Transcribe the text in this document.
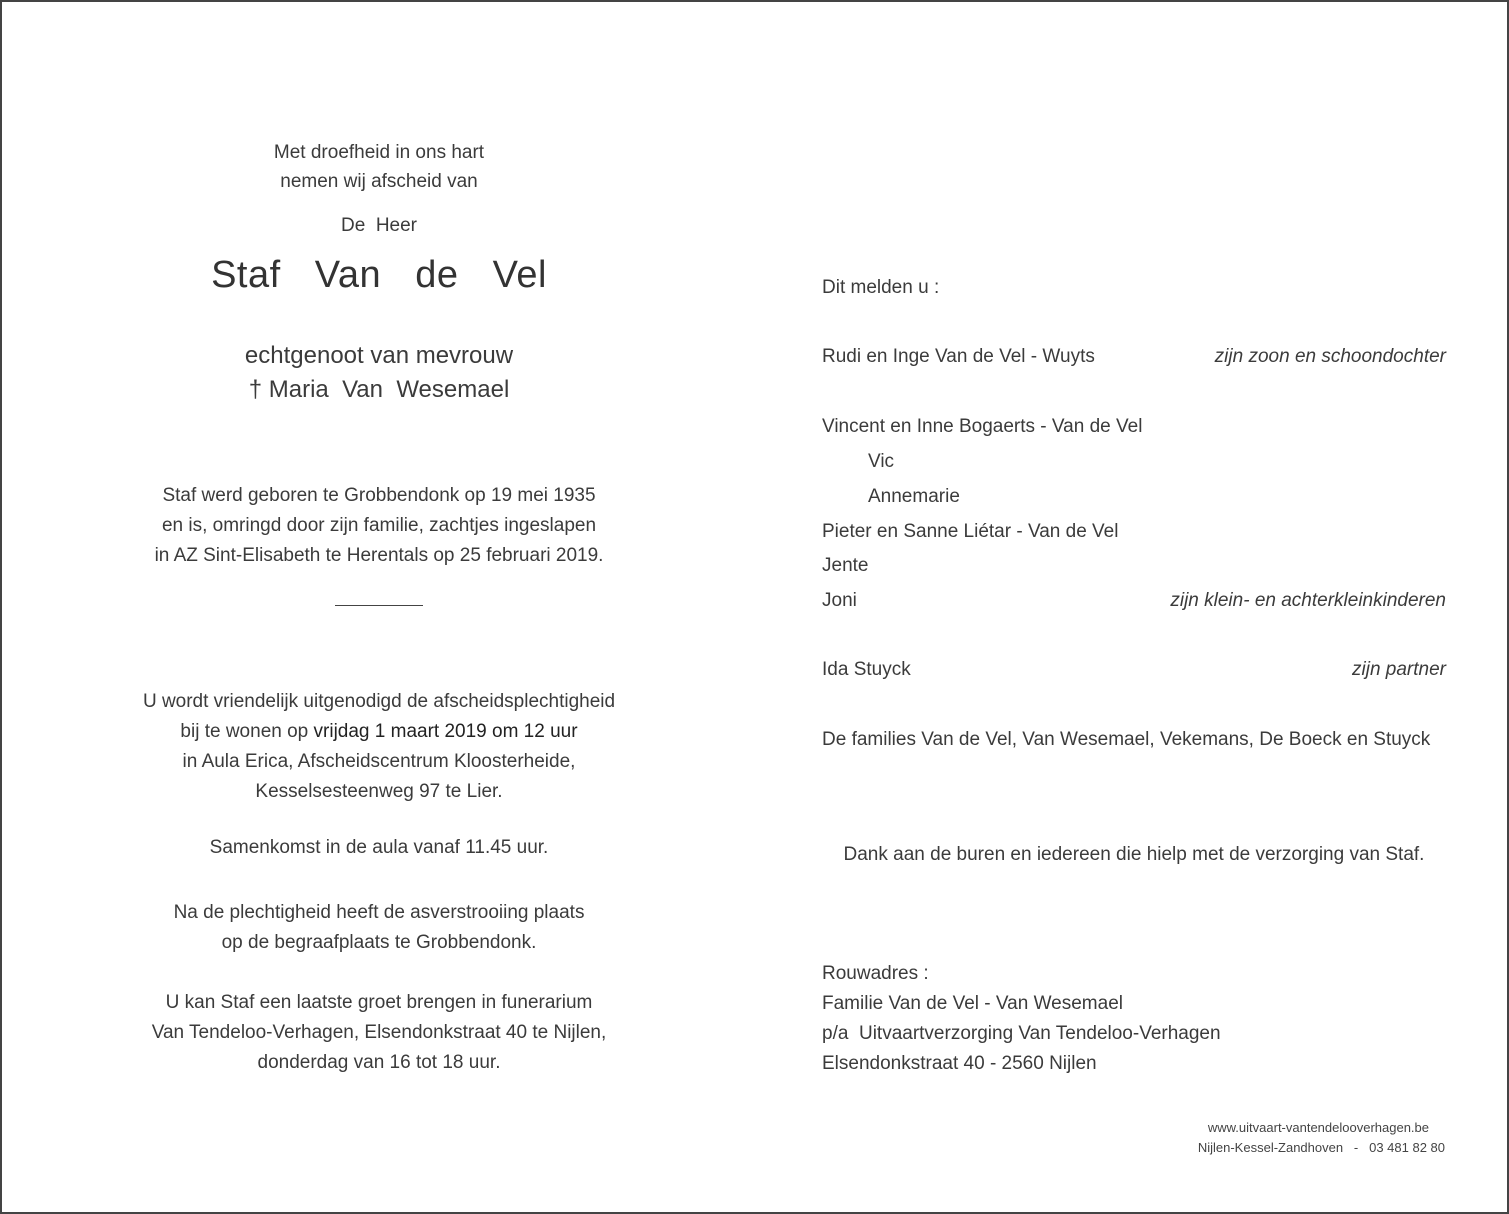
Met droefheid in ons hart
nemen wij afscheid van
De  Heer
Staf  Van  de  Vel
echtgenoot van mevrouw
† Maria  Van  Wesemael
Staf werd geboren te Grobbendonk op 19 mei 1935
en is, omringd door zijn familie, zachtjes ingeslapen
in AZ Sint-Elisabeth te Herentals op 25 februari 2019.
U wordt vriendelijk uitgenodigd de afscheidsplechtigheid
bij te wonen op vrijdag 1 maart 2019 om 12 uur
in Aula Erica, Afscheidscentrum Kloosterheide,
Kesselsesteenweg 97 te Lier.
Samenkomst in de aula vanaf 11.45 uur.
Na de plechtigheid heeft de asverstrooiing plaats
op de begraafplaats te Grobbendonk.
U kan Staf een laatste groet brengen in funerarium
Van Tendeloo-Verhagen, Elsendonkstraat 40 te Nijlen,
donderdag van 16 tot 18 uur.
Dit melden u :
Rudi en Inge Van de Vel - Wuyts	zijn zoon en schoondochter
Vincent en Inne Bogaerts - Van de Vel
Vic
Annemarie
Pieter en Sanne Liétar - Van de Vel
Jente
Joni	zijn klein- en achterkleinkinderen
Ida Stuyck	zijn partner
De families Van de Vel, Van Wesemael, Vekemans, De Boeck en Stuyck
Dank aan de buren en iedereen die hielp met de verzorging van Staf.
Rouwadres :
Familie Van de Vel - Van Wesemael
p/a  Uitvaartverzorging Van Tendeloo-Verhagen
Elsendonkstraat 40 - 2560 Nijlen
www.uitvaart-vantendelooverhagen.be
Nijlen-Kessel-Zandhoven   -   03 481 82 80
